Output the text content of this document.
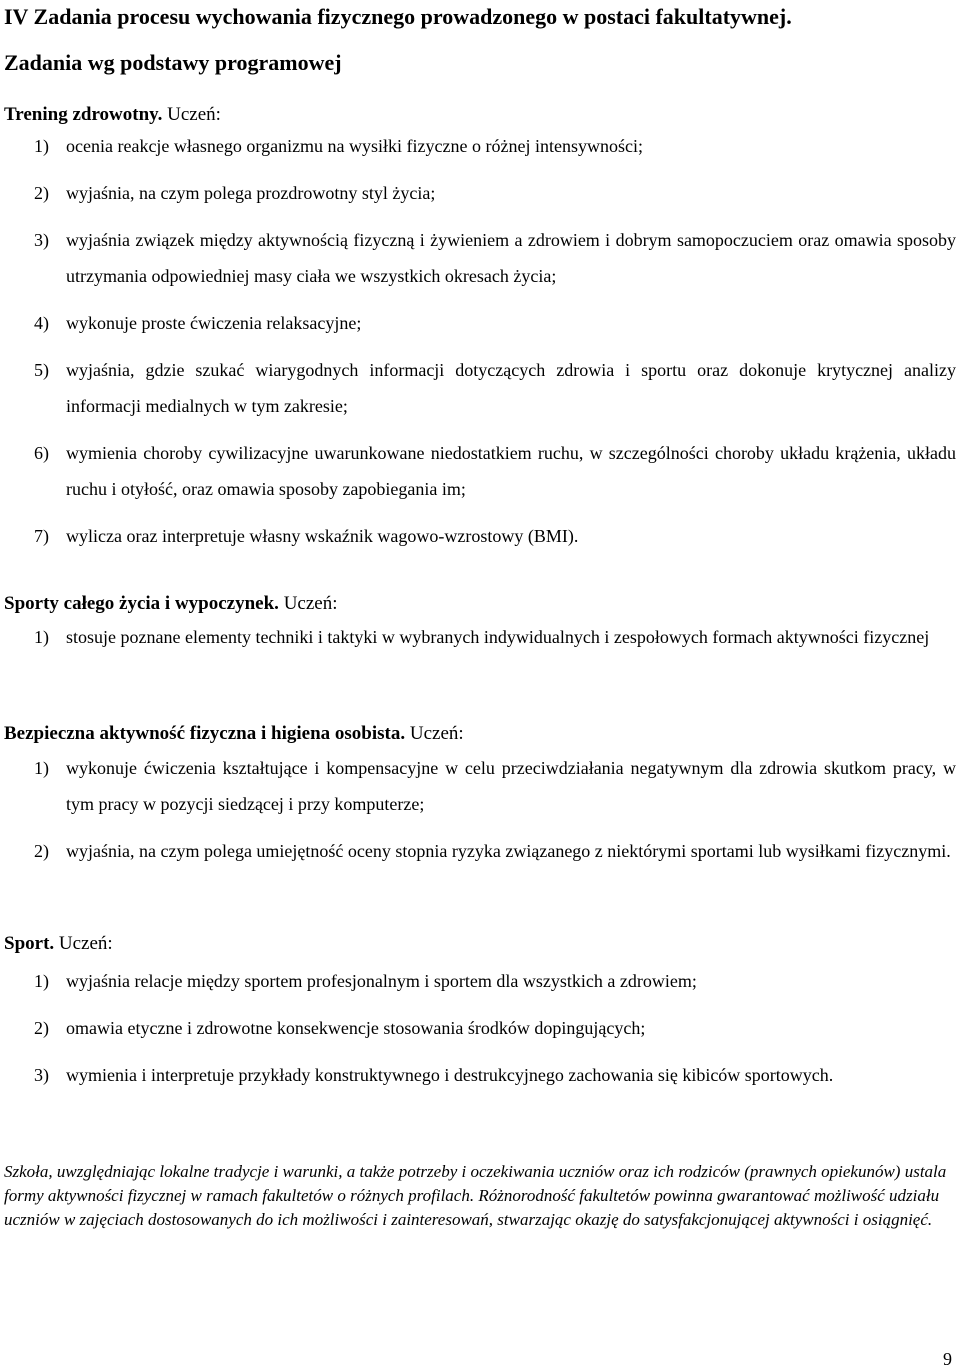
IV Zadania procesu wychowania fizycznego prowadzonego w postaci fakultatywnej.
Zadania wg podstawy programowej
Trening zdrowotny. Uczeń:
1) ocenia reakcje własnego organizmu na wysiłki fizyczne o różnej intensywności;
2) wyjaśnia, na czym polega prozdrowotny styl życia;
3) wyjaśnia związek między aktywnością fizyczną i żywieniem a zdrowiem i dobrym samopoczuciem oraz omawia sposoby utrzymania odpowiedniej masy ciała we wszystkich okresach życia;
4) wykonuje proste ćwiczenia relaksacyjne;
5) wyjaśnia, gdzie szukać wiarygodnych informacji dotyczących zdrowia i sportu oraz dokonuje krytycznej analizy informacji medialnych w tym zakresie;
6) wymienia choroby cywilizacyjne uwarunkowane niedostatkiem ruchu, w szczególności choroby układu krążenia, układu ruchu i otyłość, oraz omawia sposoby zapobiegania im;
7) wylicza oraz interpretuje własny wskaźnik wagowo-wzrostowy (BMI).
Sporty całego życia i wypoczynek. Uczeń:
1) stosuje poznane elementy techniki i taktyki w wybranych indywidualnych i zespołowych formach aktywności fizycznej
Bezpieczna aktywność fizyczna i higiena osobista. Uczeń:
1) wykonuje ćwiczenia kształtujące i kompensacyjne w celu przeciwdziałania negatywnym dla zdrowia skutkom pracy, w tym pracy w pozycji siedzącej i przy komputerze;
2) wyjaśnia, na czym polega umiejętność oceny stopnia ryzyka związanego z niektórymi sportami lub wysiłkami fizycznymi.
Sport. Uczeń:
1) wyjaśnia relacje między sportem profesjonalnym i sportem dla wszystkich a zdrowiem;
2) omawia etyczne i zdrowotne konsekwencje stosowania środków dopingujących;
3) wymienia i interpretuje przykłady konstruktywnego i destrukcyjnego zachowania się kibiców sportowych.
Szkoła, uwzględniając lokalne tradycje i warunki, a także potrzeby i oczekiwania uczniów oraz ich rodziców (prawnych opiekunów) ustala formy aktywności fizycznej w ramach fakultetów o różnych profilach. Różnorodność fakultetów powinna gwarantować możliwość udziału uczniów w zajęciach dostosowanych do ich możliwości i zainteresowań, stwarzając okazję do satysfakcjonującej aktywności i osiągnięć.
9
